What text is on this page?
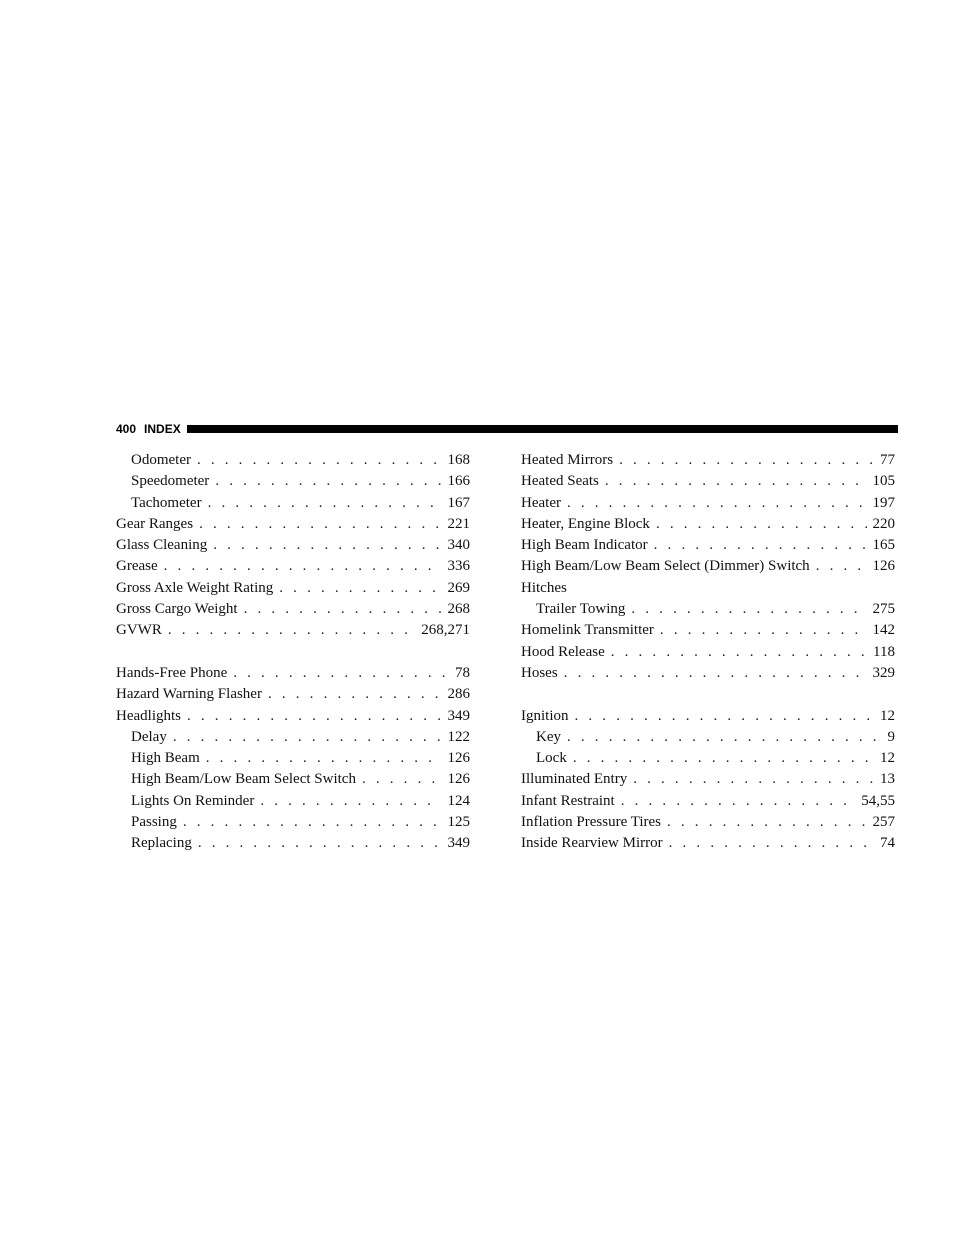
400 INDEX
Odometer . . .	168
Speedometer . . .	166
Tachometer . . .	167
Gear Ranges . . .	221
Glass Cleaning . . .	340
Grease . . .	336
Gross Axle Weight Rating . . .	269
Gross Cargo Weight . . .	268
GVWR . . .	268,271
Hands-Free Phone . . .	78
Hazard Warning Flasher . . .	286
Headlights . . .	349
Delay . . .	122
High Beam . . .	126
High Beam/Low Beam Select Switch . . .	126
Lights On Reminder . . .	124
Passing . . .	125
Replacing . . .	349
Heated Mirrors . . .	77
Heated Seats . . .	105
Heater . . .	197
Heater, Engine Block . . .	220
High Beam Indicator . . .	165
High Beam/Low Beam Select (Dimmer) Switch . . .	126
Hitches
Trailer Towing . . .	275
Homelink Transmitter . . .	142
Hood Release . . .	118
Hoses . . .	329
Ignition . . .	12
Key . . .	9
Lock . . .	12
Illuminated Entry . . .	13
Infant Restraint . . .	54,55
Inflation Pressure Tires . . .	257
Inside Rearview Mirror . . .	74
